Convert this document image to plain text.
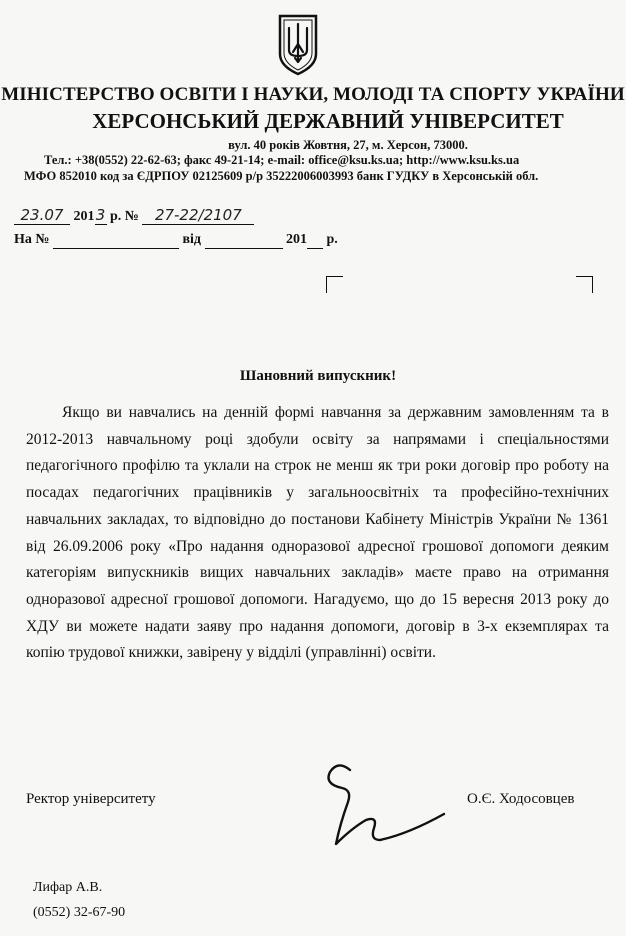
МІНІСТЕРСТВО ОСВІТИ І НАУКИ, МОЛОДІ ТА СПОРТУ УКРАЇНИ
ХЕРСОНСЬКИЙ ДЕРЖАВНИЙ УНІВЕРСИТЕТ
вул. 40 років Жовтня, 27, м. Херсон, 73000.
Тел.: +38(0552) 22-62-63; факс 49-21-14; e-mail: office@ksu.ks.ua; http://www.ksu.ks.ua
МФО 852010 код за ЄДРПОУ 02125609 р/р 35222006003993 банк ГУДКУ в Херсонській обл.
23.07 2013 р. № 27-22/2107
На №	від	201 р.
Шановний випускник!
Якщо ви навчались на денній формі навчання за державним замовленням та в 2012-2013 навчальному році здобули освіту за напрямами і спеціальностями педагогічного профілю та уклали на строк не менш як три роки договір про роботу на посадах педагогічних працівників у загальноосвітніх та професійно-технічних навчальних закладах, то відповідно до постанови Кабінету Міністрів України № 1361 від 26.09.2006 року «Про надання одноразової адресної грошової допомоги деяким категоріям випускників вищих навчальних закладів» маєте право на отримання одноразової адресної грошової допомоги. Нагадуємо, що до 15 вересня 2013 року до ХДУ ви можете надати заяву про надання допомоги, договір в 3-х екземплярах та копію трудової книжки, завірену у відділі (управлінні) освіти.
Ректор університету	О.Є. Ходосовцев
Лифар А.В.
(0552) 32-67-90
